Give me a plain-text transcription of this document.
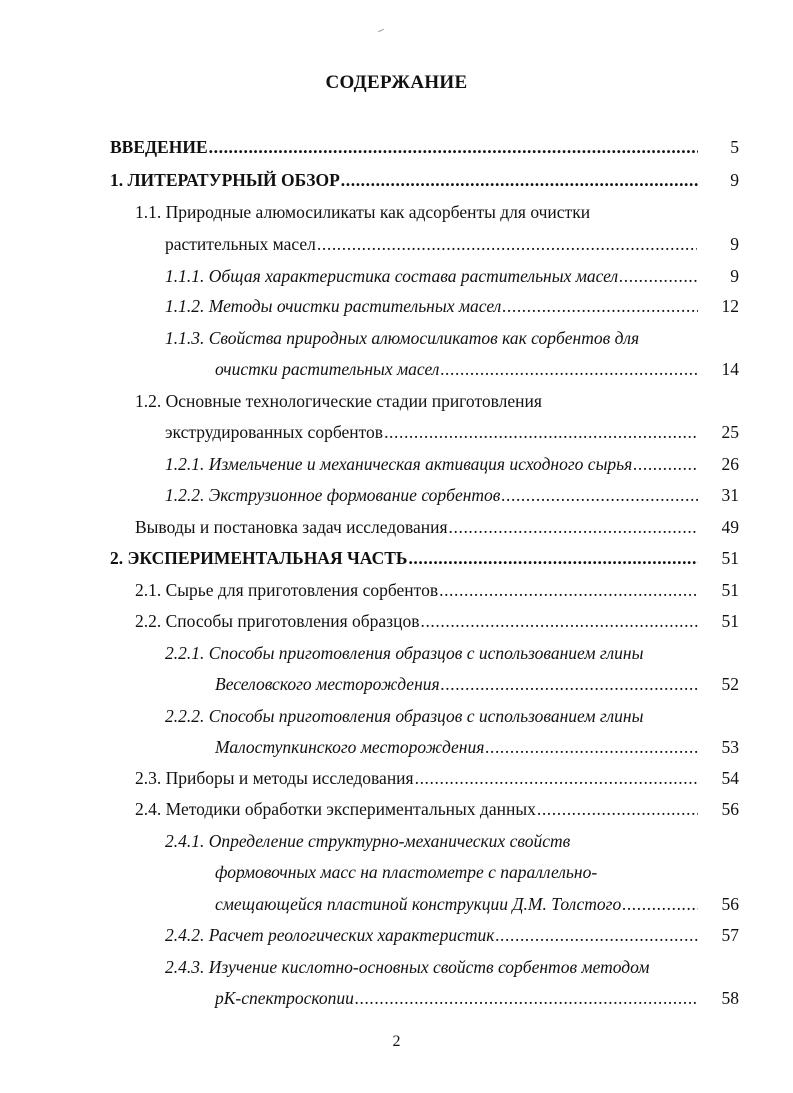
СОДЕРЖАНИЕ
ВВЕДЕНИЕ .....	5
1. ЛИТЕРАТУРНЫЙ ОБЗОР .....	9
1.1. Природные алюмосиликаты как адсорбенты для очистки
растительных масел .....	9
1.1.1. Общая характеристика состава растительных масел .....	9
1.1.2. Методы очистки растительных масел .....	12
1.1.3. Свойства природных алюмосиликатов как сорбентов для
очистки растительных масел .....	14
1.2. Основные технологические стадии приготовления
экструдированных сорбентов .....	25
1.2.1. Измельчение и механическая активация исходного сырья .....	26
1.2.2. Экструзионное формование сорбентов .....	31
Выводы и постановка задач исследования .....	49
2. ЭКСПЕРИМЕНТАЛЬНАЯ ЧАСТЬ .....	51
2.1. Сырье для приготовления сорбентов .....	51
2.2. Способы приготовления образцов .....	51
2.2.1. Способы приготовления образцов с использованием глины
Веселовского месторождения .....	52
2.2.2. Способы приготовления образцов с использованием глины
Малоступкинского месторождения .....	53
2.3. Приборы и методы исследования .....	54
2.4. Методики обработки экспериментальных данных .....	56
2.4.1. Определение структурно-механических свойств
формовочных масс на пластометре с параллельно-
смещающейся пластиной конструкции Д.М. Толстого .....	56
2.4.2. Расчет реологических характеристик .....	57
2.4.3. Изучение кислотно-основных свойств сорбентов методом
рК-спектроскопии .....	58
2
